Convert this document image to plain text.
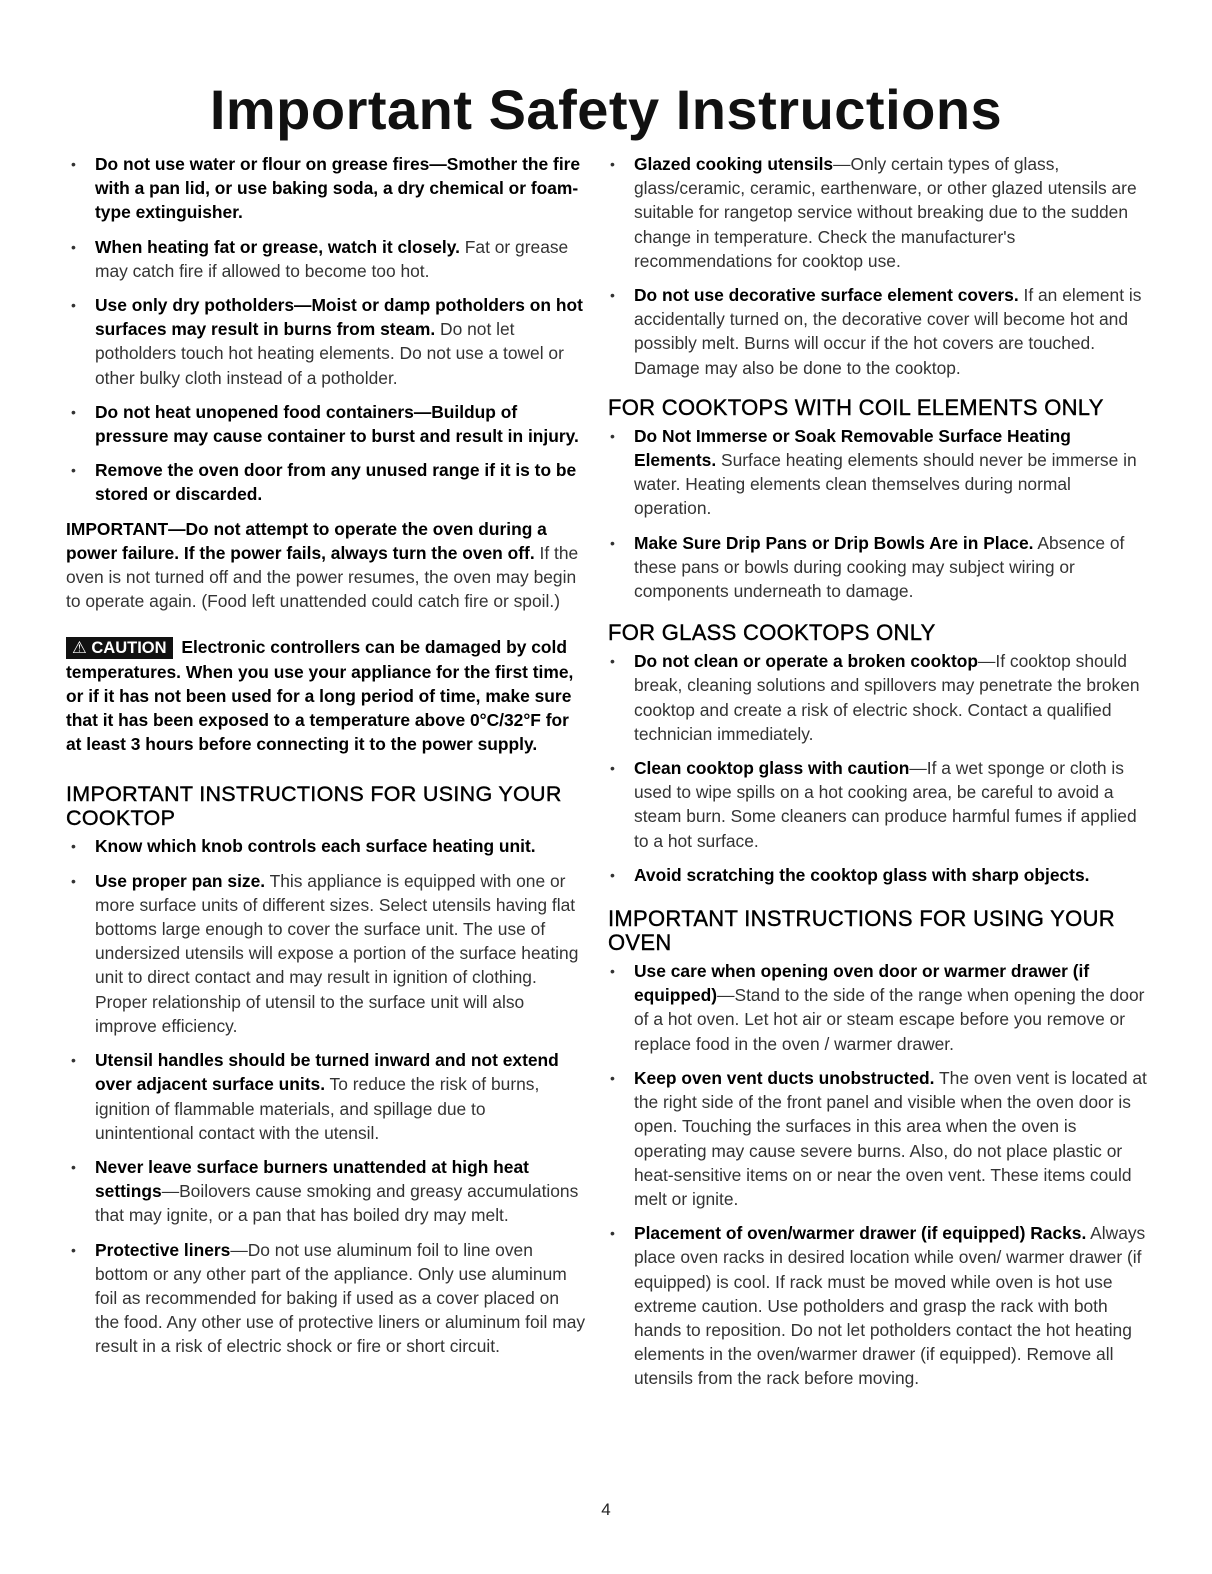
Important Safety Instructions
• Do not use water or flour on grease fires—Smother the fire with a pan lid, or use baking soda, a dry chemical or foam-type extinguisher.
• When heating fat or grease, watch it closely. Fat or grease may catch fire if allowed to become too hot.
• Use only dry potholders—Moist or damp potholders on hot surfaces may result in burns from steam. Do not let potholders touch hot heating elements. Do not use a towel or other bulky cloth instead of a potholder.
• Do not heat unopened food containers—Buildup of pressure may cause container to burst and result in injury.
• Remove the oven door from any unused range if it is to be stored or discarded.

IMPORTANT—Do not attempt to operate the oven during a power failure. If the power fails, always turn the oven off. If the oven is not turned off and the power resumes, the oven may begin to operate again. (Food left unattended could catch fire or spoil.)

⚠ CAUTION Electronic controllers can be damaged by cold temperatures. When you use your appliance for the first time, or if it has not been used for a long period of time, make sure that it has been exposed to a temperature above 0°C/32°F for at least 3 hours before connecting it to the power supply.

IMPORTANT INSTRUCTIONS FOR USING YOUR COOKTOP
• Know which knob controls each surface heating unit.
• Use proper pan size. This appliance is equipped with one or more surface units of different sizes. Select utensils having flat bottoms large enough to cover the surface unit. The use of undersized utensils will expose a portion of the surface heating unit to direct contact and may result in ignition of clothing. Proper relationship of utensil to the surface unit will also improve efficiency.
• Utensil handles should be turned inward and not extend over adjacent surface units. To reduce the risk of burns, ignition of flammable materials, and spillage due to unintentional contact with the utensil.
• Never leave surface burners unattended at high heat settings—Boilovers cause smoking and greasy accumulations that may ignite, or a pan that has boiled dry may melt.
• Protective liners—Do not use aluminum foil to line oven bottom or any other part of the appliance. Only use aluminum foil as recommended for baking if used as a cover placed on the food. Any other use of protective liners or aluminum foil may result in a risk of electric shock or fire or short circuit.
• Glazed cooking utensils—Only certain types of glass, glass/ceramic, ceramic, earthenware, or other glazed utensils are suitable for rangetop service without breaking due to the sudden change in temperature. Check the manufacturer's recommendations for cooktop use.
• Do not use decorative surface element covers. If an element is accidentally turned on, the decorative cover will become hot and possibly melt. Burns will occur if the hot covers are touched. Damage may also be done to the cooktop.
FOR COOKTOPS WITH COIL ELEMENTS ONLY
• Do Not Immerse or Soak Removable Surface Heating Elements. Surface heating elements should never be immerse in water. Heating elements clean themselves during normal operation.
• Make Sure Drip Pans or Drip Bowls Are in Place. Absence of these pans or bowls during cooking may subject wiring or components underneath to damage.
FOR GLASS COOKTOPS ONLY
• Do not clean or operate a broken cooktop—If cooktop should break, cleaning solutions and spillovers may penetrate the broken cooktop and create a risk of electric shock. Contact a qualified technician immediately.
• Clean cooktop glass with caution—If a wet sponge or cloth is used to wipe spills on a hot cooking area, be careful to avoid a steam burn. Some cleaners can produce harmful fumes if applied to a hot surface.
• Avoid scratching the cooktop glass with sharp objects.
IMPORTANT INSTRUCTIONS FOR USING YOUR OVEN
• Use care when opening oven door or warmer drawer (if equipped)—Stand to the side of the range when opening the door of a hot oven. Let hot air or steam escape before you remove or replace food in the oven / warmer drawer.
• Keep oven vent ducts unobstructed. The oven vent is located at the right side of the front panel and visible when the oven door is open. Touching the surfaces in this area when the oven is operating may cause severe burns. Also, do not place plastic or heat-sensitive items on or near the oven vent. These items could melt or ignite.
• Placement of oven/warmer drawer (if equipped) Racks. Always place oven racks in desired location while oven/ warmer drawer (if equipped) is cool. If rack must be moved while oven is hot use extreme caution. Use potholders and grasp the rack with both hands to reposition. Do not let potholders contact the hot heating elements in the oven/warmer drawer (if equipped). Remove all utensils from the rack before moving.
4
